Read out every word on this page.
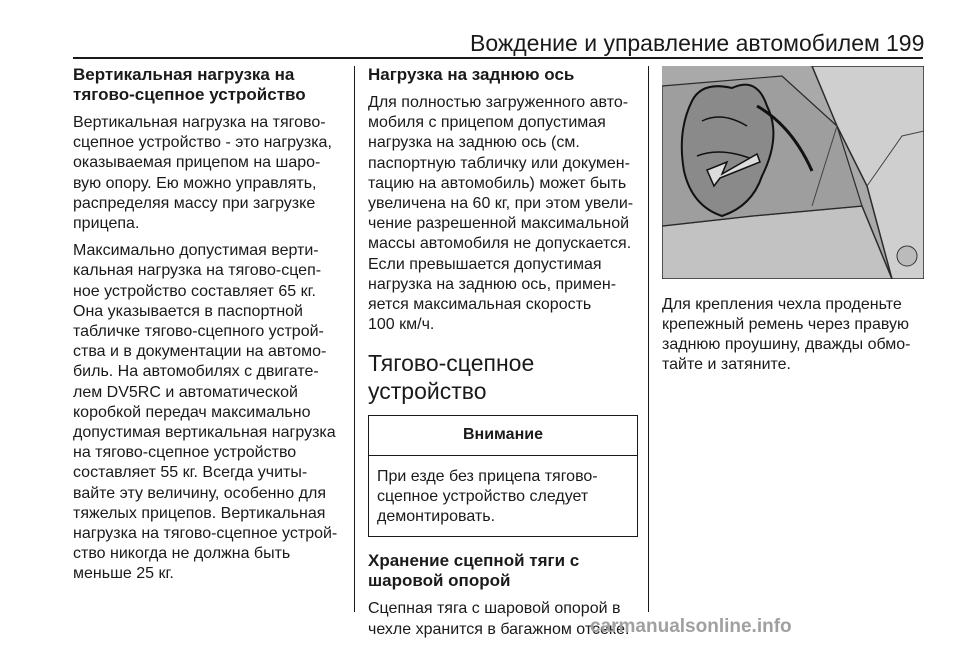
Вождение и управление автомобилем 199
Вертикальная нагрузка на
тягово-сцепное устройство
Вертикальная нагрузка на тягово-
сцепное устройство - это нагрузка,
оказываемая прицепом на шаро-
вую опору. Ею можно управлять,
распределяя массу при загрузке
прицепа.
Максимально допустимая верти-
кальная нагрузка на тягово-сцеп-
ное устройство составляет 65 кг.
Она указывается в паспортной
табличке тягово-сцепного устрой-
ства и в документации на автомо-
биль. На автомобилях с двигате-
лем DV5RC и автоматической
коробкой передач максимально
допустимая вертикальная нагрузка
на тягово-сцепное устройство
составляет 55 кг. Всегда учиты-
вайте эту величину, особенно для
тяжелых прицепов. Вертикальная
нагрузка на тягово-сцепное устрой-
ство никогда не должна быть
меньше 25 кг.
Нагрузка на заднюю ось
Для полностью загруженного авто-
мобиля с прицепом допустимая
нагрузка на заднюю ось (см.
паспортную табличку или докумен-
тацию на автомобиль) может быть
увеличена на 60 кг, при этом увели-
чение разрешенной максимальной
массы автомобиля не допускается.
Если превышается допустимая
нагрузка на заднюю ось, примен-
яется максимальная скорость
100 км/ч.
Тягово-сцепное
устройство
Внимание
При езде без прицепа тягово-
сцепное устройство следует
демонтировать.
Хранение сцепной тяги с
шаровой опорой
Сцепная тяга с шаровой опорой в
чехле хранится в багажном отсеке.
Для крепления чехла проденьте
крепежный ремень через правую
заднюю проушину, дважды обмо-
тайте и затяните.
carmanualsonline.info
